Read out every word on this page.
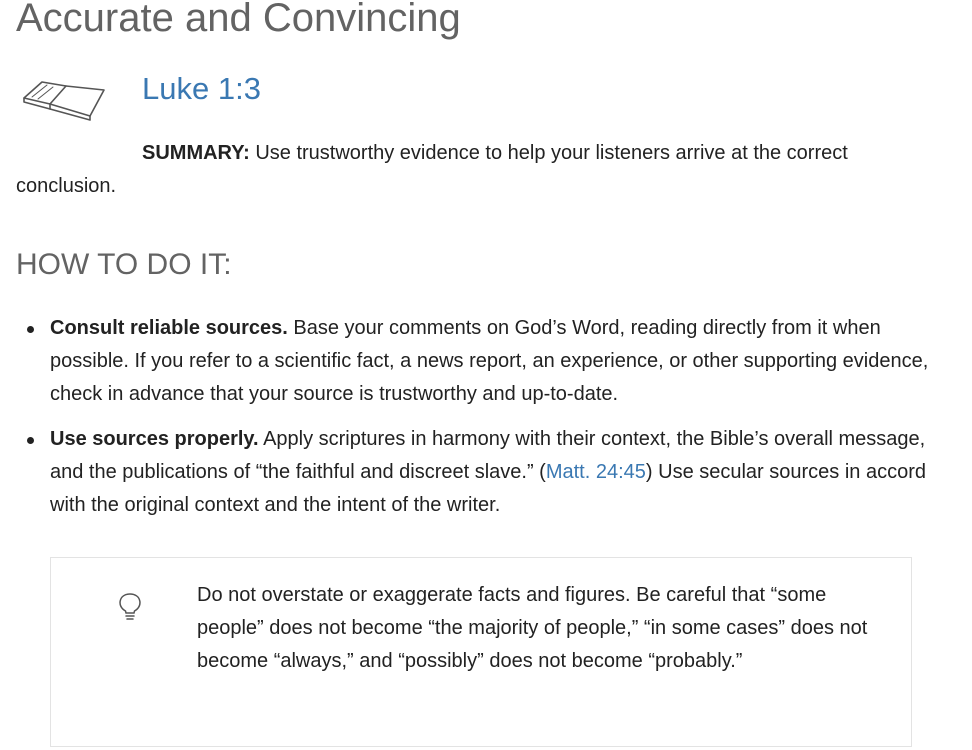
Accurate and Convincing
Luke 1:3

SUMMARY: Use trustworthy evidence to help your listeners arrive at the correct conclusion.

HOW TO DO IT:
Consult reliable sources. Base your comments on God’s Word, reading directly from it when possible. If you refer to a scientific fact, a news report, an experience, or other supporting evidence, check in advance that your source is trustworthy and up-to-date.
Use sources properly. Apply scriptures in harmony with their context, the Bible’s overall message, and the publications of “the faithful and discreet slave.” (Matt. 24:45) Use secular sources in accord with the original context and the intent of the writer.

Do not overstate or exaggerate facts and figures. Be careful that “some people” does not become “the majority of people,” “in some cases” does not become “always,” and “possibly” does not become “probably.”
